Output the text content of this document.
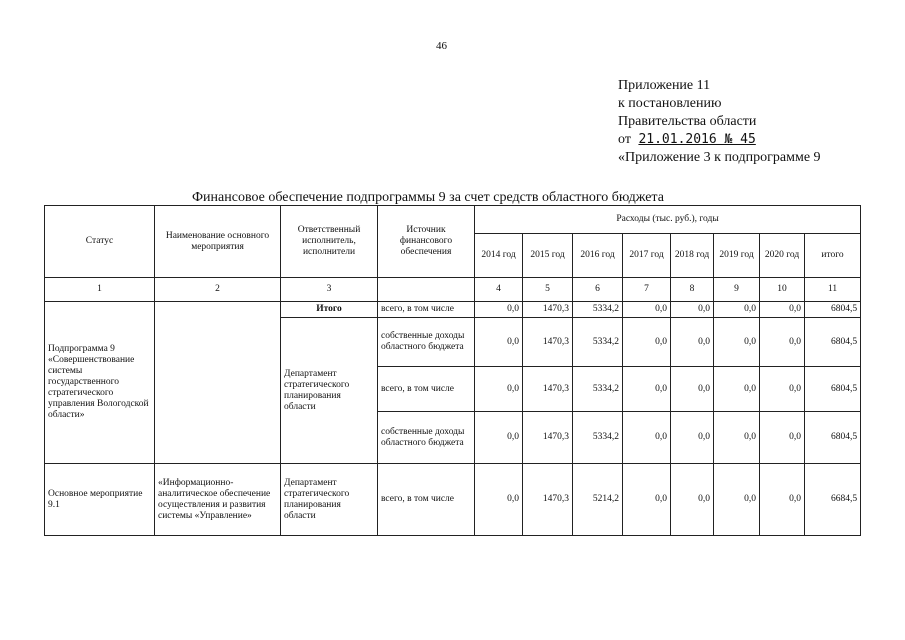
46
Приложение 11
к постановлению
Правительства области
от 21.01.2016 № 45
«Приложение 3 к подпрограмме 9
Финансовое обеспечение подпрограммы 9 за счет средств областного бюджета
Статус	Наименование основного мероприятия	Ответственный исполнитель, исполнители	Источник финансового обеспечения	Расходы (тыс. руб.), годы							
				2014 год	2015 год	2016 год	2017 год	2018 год	2019 год	2020 год	итого
1	2	3		4	5	6	7	8	9	10	11
Подпрограмма 9 «Совершенствование системы государственного стратегического управления Вологодской области»		Итого	всего, в том числе	0,0	1470,3	5334,2	0,0	0,0	0,0	0,0	6804,5
		Департамент стратегического планирования области	собственные доходы областного бюджета	0,0	1470,3	5334,2	0,0	0,0	0,0	0,0	6804,5
			всего, в том числе	0,0	1470,3	5334,2	0,0	0,0	0,0	0,0	6804,5
			собственные доходы областного бюджета	0,0	1470,3	5334,2	0,0	0,0	0,0	0,0	6804,5
Основное мероприятие 9.1	«Информационно-аналитическое обеспечение осуществления и развития системы «Управление»	Департамент стратегического планирования области	всего, в том числе	0,0	1470,3	5214,2	0,0	0,0	0,0	0,0	6684,5
